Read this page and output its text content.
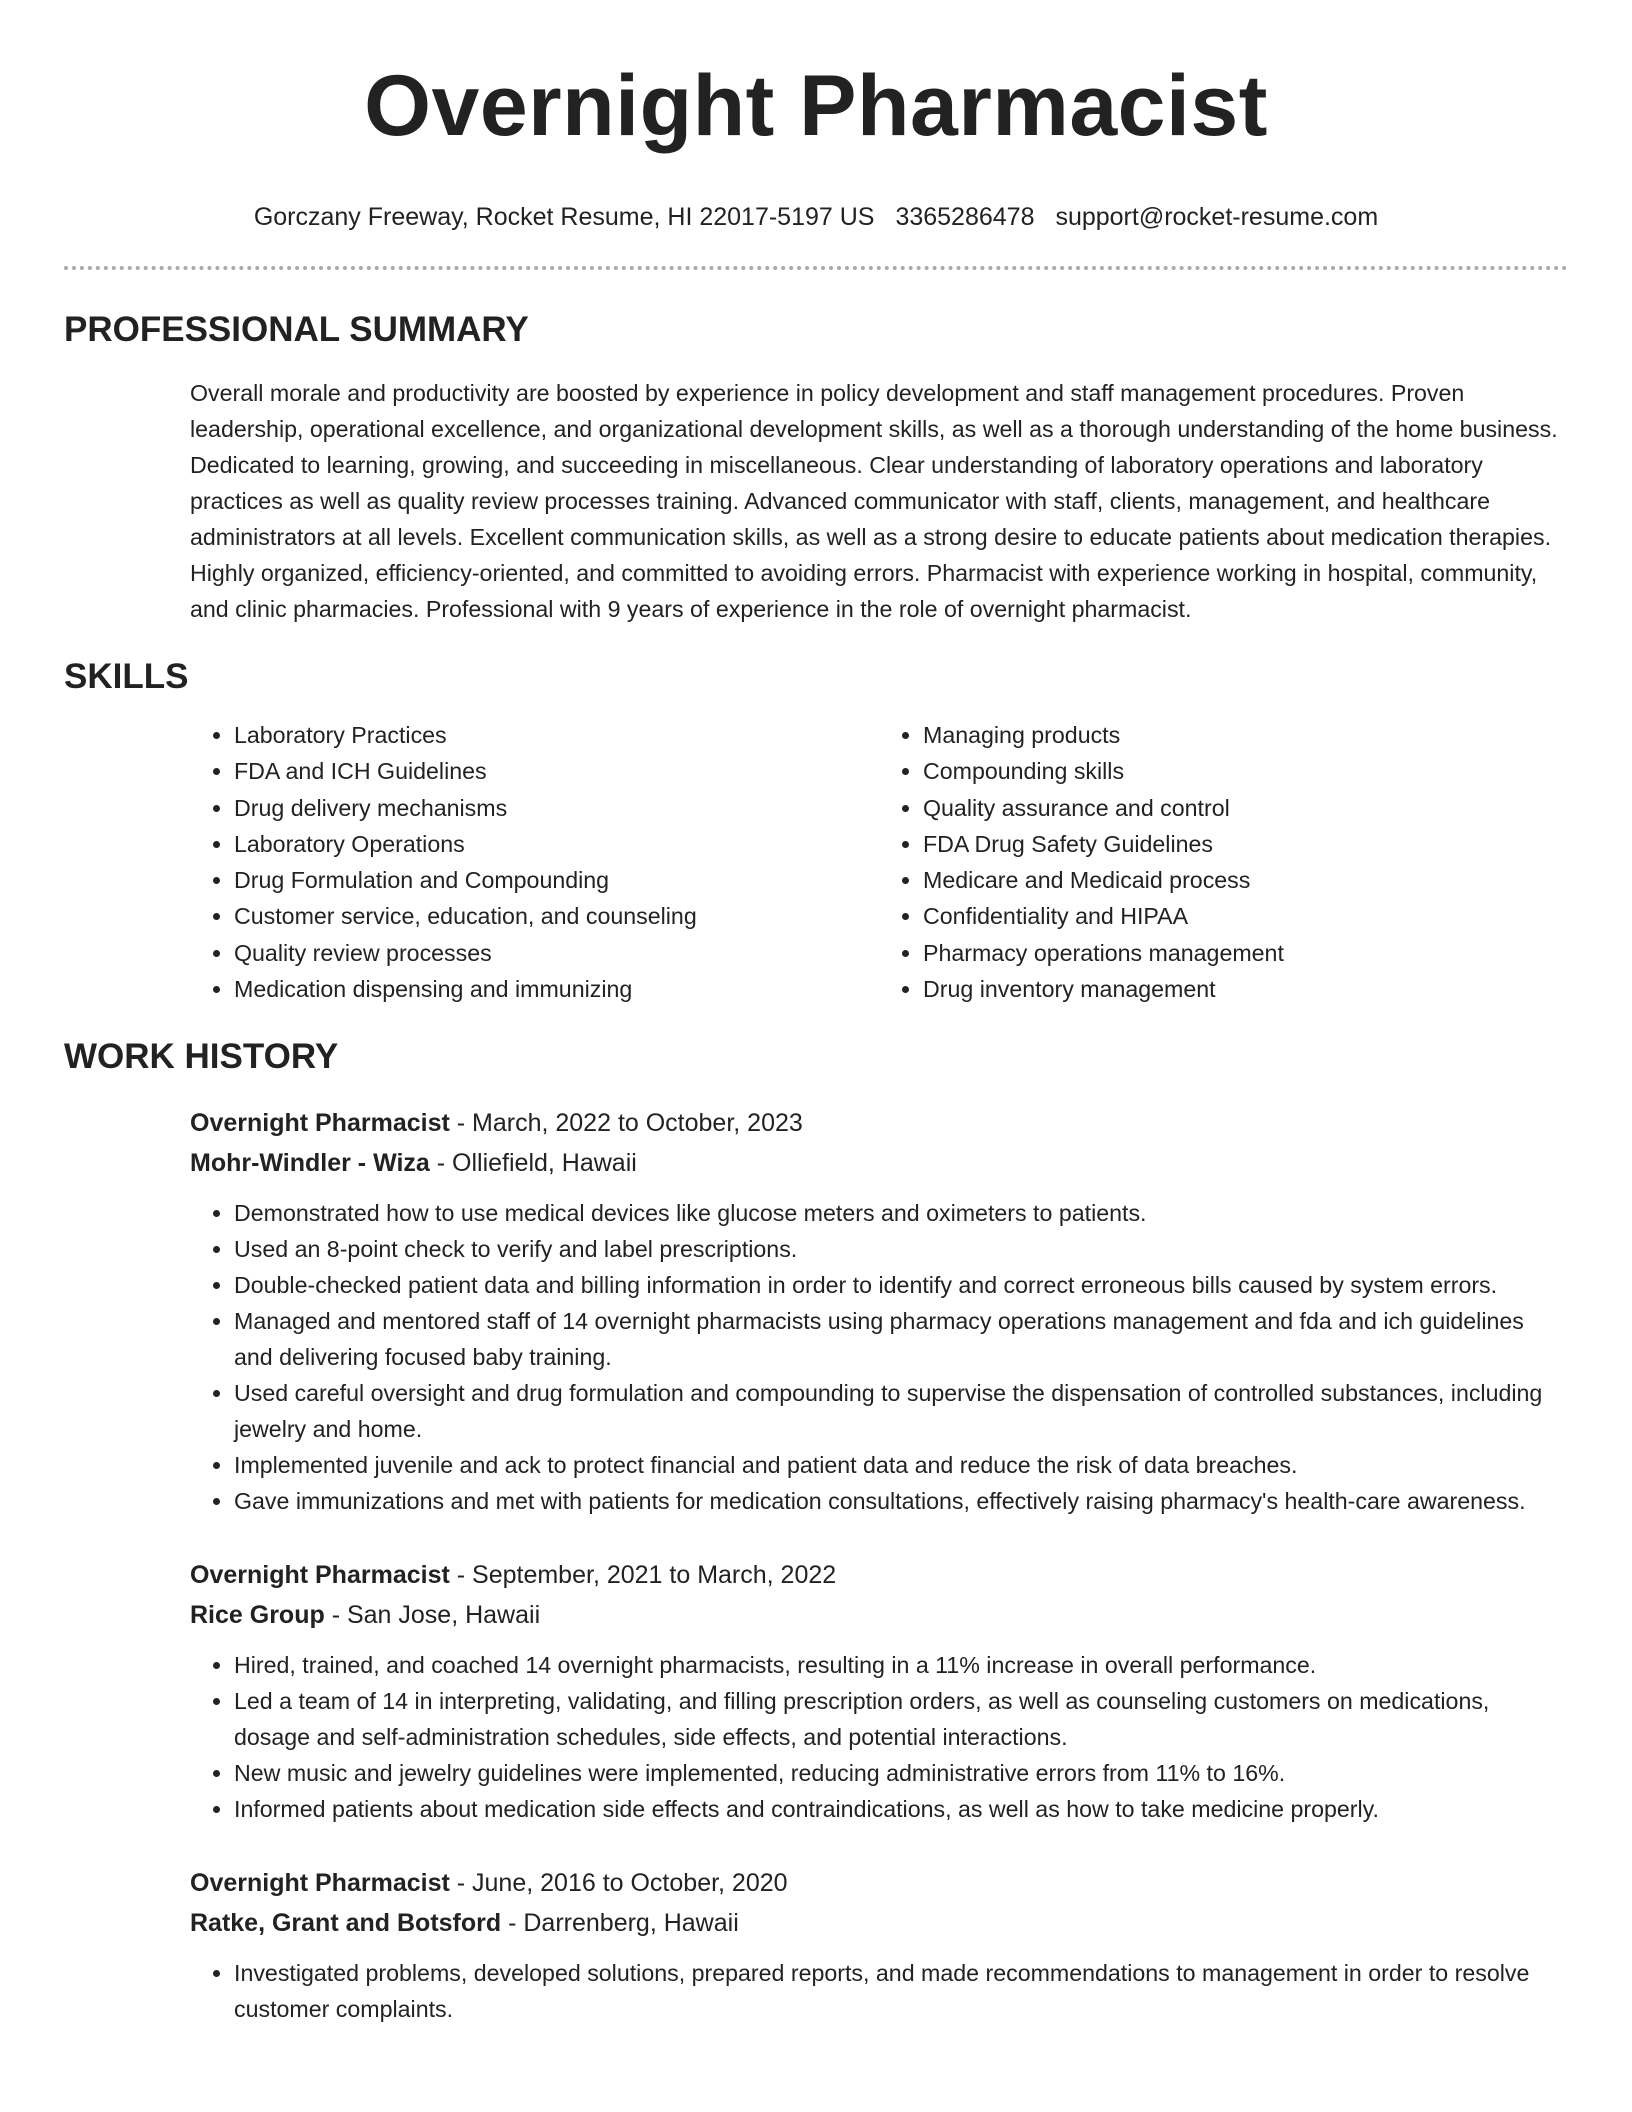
Overnight Pharmacist
Gorczany Freeway, Rocket Resume, HI 22017-5197 US 3365286478 support@rocket-resume.com
PROFESSIONAL SUMMARY

Overall morale and productivity are boosted by experience in policy development and staff management procedures. Proven leadership, operational excellence, and organizational development skills, as well as a thorough understanding of the home business. Dedicated to learning, growing, and succeeding in miscellaneous. Clear understanding of laboratory operations and laboratory practices as well as quality review processes training. Advanced communicator with staff, clients, management, and healthcare administrators at all levels. Excellent communication skills, as well as a strong desire to educate patients about medication therapies. Highly organized, efficiency-oriented, and committed to avoiding errors. Pharmacist with experience working in hospital, community, and clinic pharmacies. Professional with 9 years of experience in the role of overnight pharmacist.

SKILLS
• Laboratory Practices
• FDA and ICH Guidelines
• Drug delivery mechanisms
• Laboratory Operations
• Drug Formulation and Compounding
• Customer service, education, and counseling
• Quality review processes
• Medication dispensing and immunizing
• Managing products
• Compounding skills
• Quality assurance and control
• FDA Drug Safety Guidelines
• Medicare and Medicaid process
• Confidentiality and HIPAA
• Pharmacy operations management
• Drug inventory management
WORK HISTORY

Overnight Pharmacist - March, 2022 to October, 2023

Mohr-Windler - Wiza - Olliefield, Hawaii

• Demonstrated how to use medical devices like glucose meters and oximeters to patients.
• Used an 8-point check to verify and label prescriptions.
• Double-checked patient data and billing information in order to identify and correct erroneous bills caused by system errors.
• Managed and mentored staff of 14 overnight pharmacists using pharmacy operations management and fda and ich guidelines and delivering focused baby training.
• Used careful oversight and drug formulation and compounding to supervise the dispensation of controlled substances, including jewelry and home.
• Implemented juvenile and ack to protect financial and patient data and reduce the risk of data breaches.
• Gave immunizations and met with patients for medication consultations, effectively raising pharmacy's health-care awareness.

Overnight Pharmacist - September, 2021 to March, 2022

Rice Group - San Jose, Hawaii

• Hired, trained, and coached 14 overnight pharmacists, resulting in a 11% increase in overall performance.
• Led a team of 14 in interpreting, validating, and filling prescription orders, as well as counseling customers on medications, dosage and self-administration schedules, side effects, and potential interactions.
• New music and jewelry guidelines were implemented, reducing administrative errors from 11% to 16%.
• Informed patients about medication side effects and contraindications, as well as how to take medicine properly.

Overnight Pharmacist - June, 2016 to October, 2020

Ratke, Grant and Botsford - Darrenberg, Hawaii

• Investigated problems, developed solutions, prepared reports, and made recommendations to management in order to resolve customer complaints.
